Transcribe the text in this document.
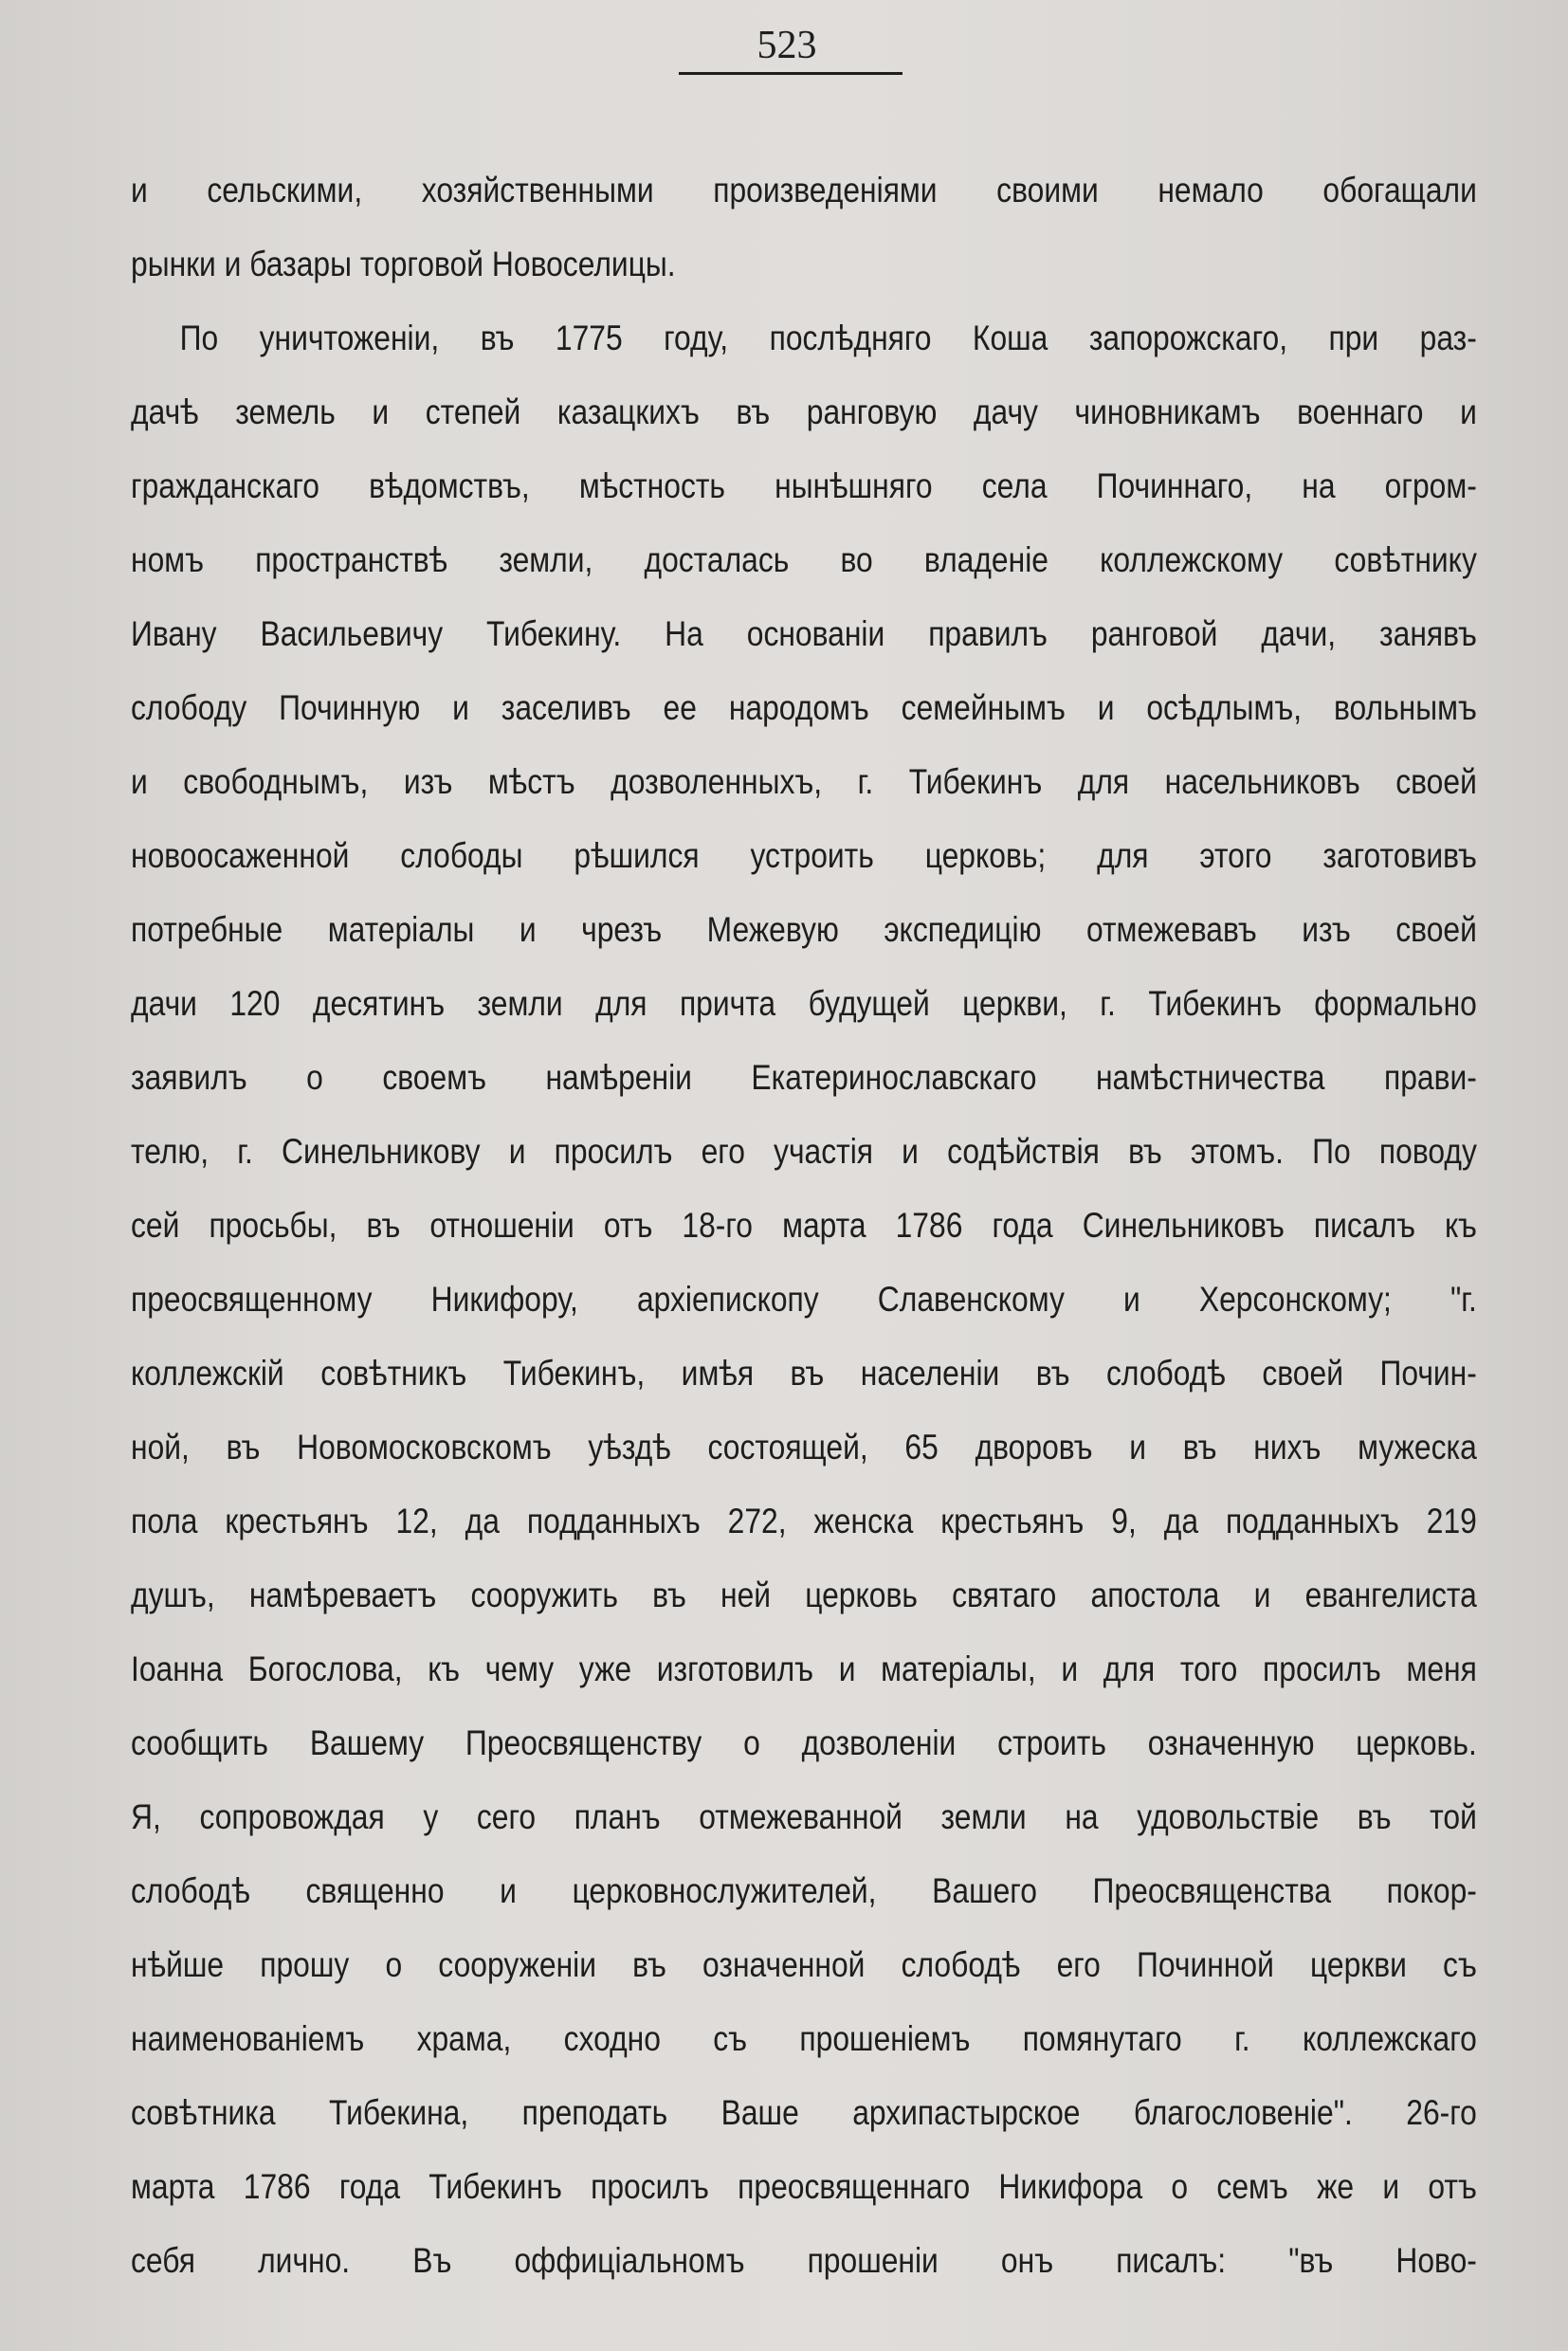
523
и сельскими, хозяйственными произведеніями своими немало обогащали
рынки и базары торговой Новоселицы.
По уничтоженіи, въ 1775 году, послѣдняго Коша запорожскаго, при раз-
дачѣ земель и степей казацкихъ въ ранговую дачу чиновникамъ военнаго и
гражданскаго вѣдомствъ, мѣстность нынѣшняго села Починнаго, на огром-
номъ пространствѣ земли, досталась во владеніе коллежскому совѣтнику
Ивану Васильевичу Тибекину. На основаніи правилъ ранговой дачи, занявъ
слободу Починную и заселивъ ее народомъ семейнымъ и осѣдлымъ, вольнымъ
и свободнымъ, изъ мѣстъ дозволенныхъ, г. Тибекинъ для насельниковъ своей
новоосаженной слободы рѣшился устроить церковь; для этого заготовивъ
потребные матеріалы и чрезъ Межевую экспедицію отмежевавъ изъ своей
дачи 120 десятинъ земли для причта будущей церкви, г. Тибекинъ формально
заявилъ о своемъ намѣреніи Екатеринославскаго намѣстничества прави-
телю, г. Синельникову и просилъ его участія и содѣйствія въ этомъ. По поводу
сей просьбы, въ отношеніи отъ 18-го марта 1786 года Синельниковъ писалъ къ
преосвященному Никифору, архіепископу Славенскому и Херсонскому; "г.
коллежскій совѣтникъ Тибекинъ, имѣя въ населеніи въ слободѣ своей Почин-
ной, въ Новомосковскомъ уѣздѣ состоящей, 65 дворовъ и въ нихъ мужеска
пола крестьянъ 12, да подданныхъ 272, женска крестьянъ 9, да подданныхъ 219
душъ, намѣреваетъ сооружить въ ней церковь святаго апостола и евангелиста
Іоанна Богослова, къ чему уже изготовилъ и матеріалы, и для того просилъ меня
сообщить Вашему Преосвященству о дозволеніи строить означенную церковь.
Я, сопровождая у сего планъ отмежеванной земли на удовольствіе въ той
слободѣ священно и церковнослужителей, Вашего Преосвященства покор-
нѣйше прошу о сооруженіи въ означенной слободѣ его Починной церкви съ
наименованіемъ храма, сходно съ прошеніемъ помянутаго г. коллежскаго
совѣтника Тибекина, преподать Ваше архипастырское благословеніе". 26-го
марта 1786 года Тибекинъ просилъ преосвященнаго Никифора о семъ же и отъ
себя лично. Въ оффиціальномъ прошеніи онъ писалъ: "въ Ново-
